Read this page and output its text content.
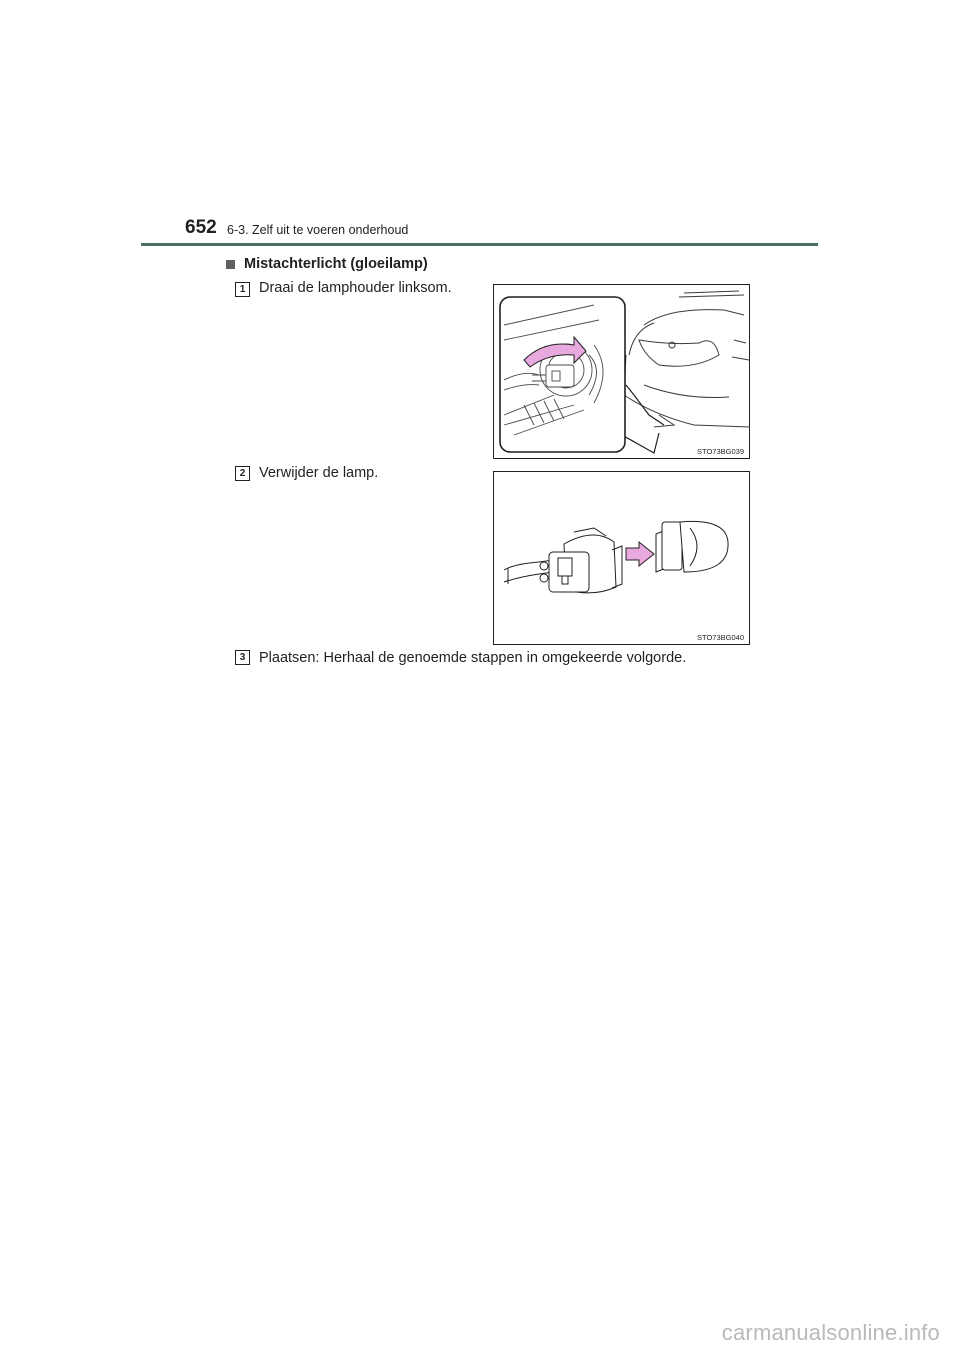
652 6-3. Zelf uit te voeren onderhoud
Mistachterlicht (gloeilamp)
1 Draai de lamphouder linksom.
STO73BG039
2 Verwijder de lamp.
STO73BG040
3 Plaatsen: Herhaal de genoemde stappen in omgekeerde volgorde.
carmanualsonline.info
